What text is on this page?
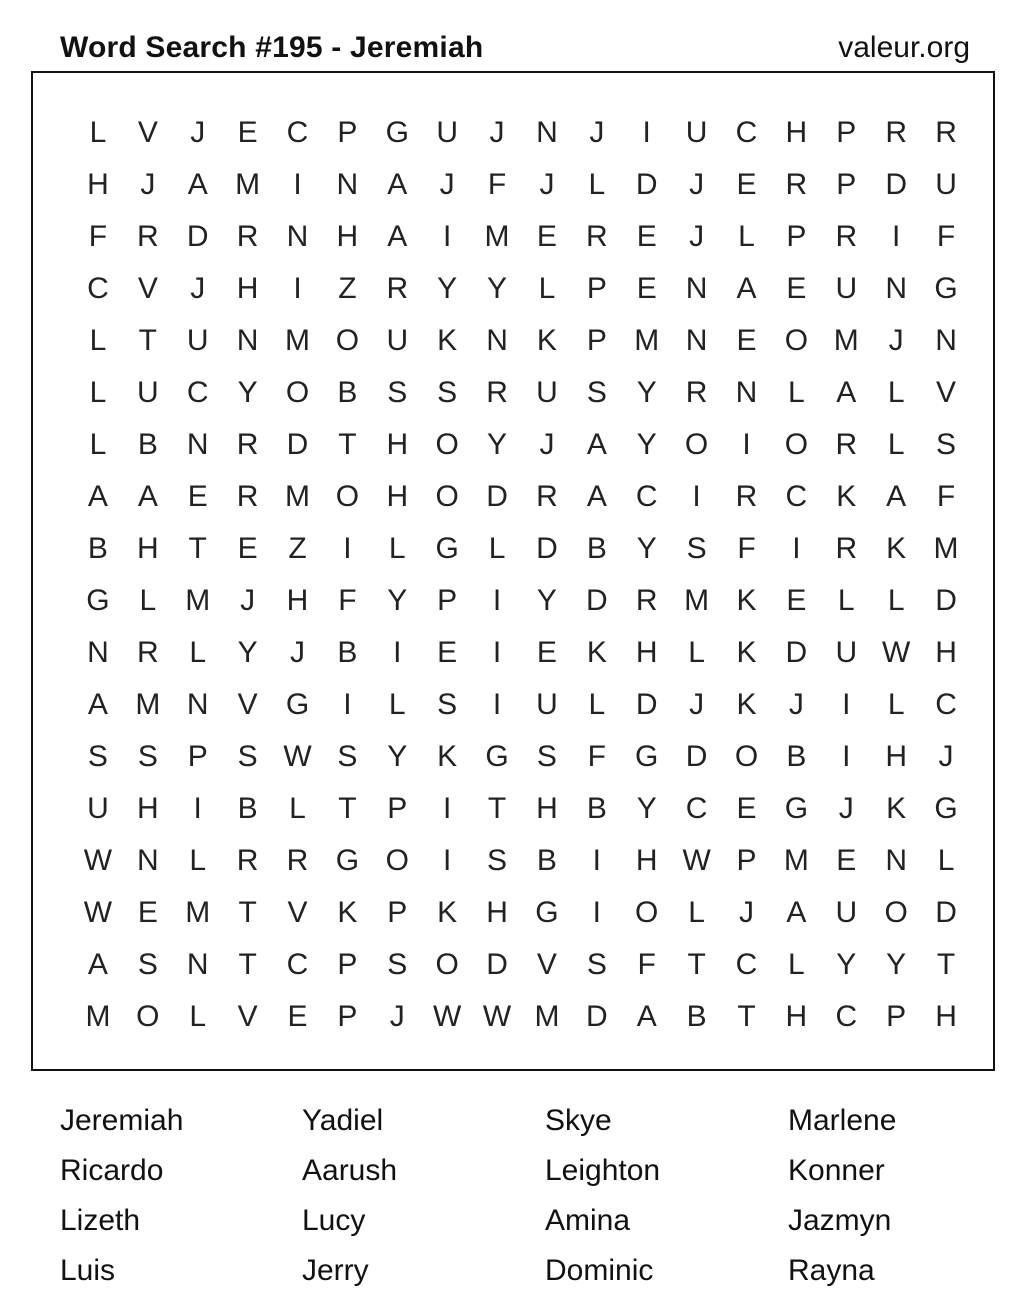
Word Search #195 - Jeremiah	valeur.org
L	V	J	E C P G U	J	N	J	I	U C H P R R
H	J	A M	I	N A	J	F	J	L	D	J	E R P D U
F R D R N H A	I	M E R E	J	L	P R	I	F
C V	J	H	I	Z R Y Y	L	P E N A E U N G
L	T U N M O U K N K P M N E O M J	N
L	U C Y O B S S R U S Y R N	L	A	L	V
L	B N R D T H O Y	J	A Y O	I	O R	L	S
A A E R M O H O D R A C	I	R C K A	F
B H T	E	Z	I	L G L	D B Y S	F	I	R K M
G L M J	H F	Y P	I	Y D R M K E	L	L	D
N R	L	Y	J	B	I	E	I	E K H	L	K D U W H
A M N V G	I	L	S	I	U	L	D	J	K	J	I	L	C
S S P S W S Y K G S	F G D O B	I	H	J
U H	I	B	L	T	P	I	T H B Y C E G	J	K G
W N	L	R R G O	I	S B	I	H W P M E N	L
W E M T	V K P K H G	I	O L	J	A U O D
A S N T C P S O D V S	F	T C	L	Y Y	T
M O L	V E P	J W W M D A B	T H C P H
Jeremiah	Yadiel	Skye	Marlene
Ricardo	Aarush	Leighton	Konner
Lizeth	Lucy	Amina	Jazmyn
Luis	Jerry	Dominic	Rayna
